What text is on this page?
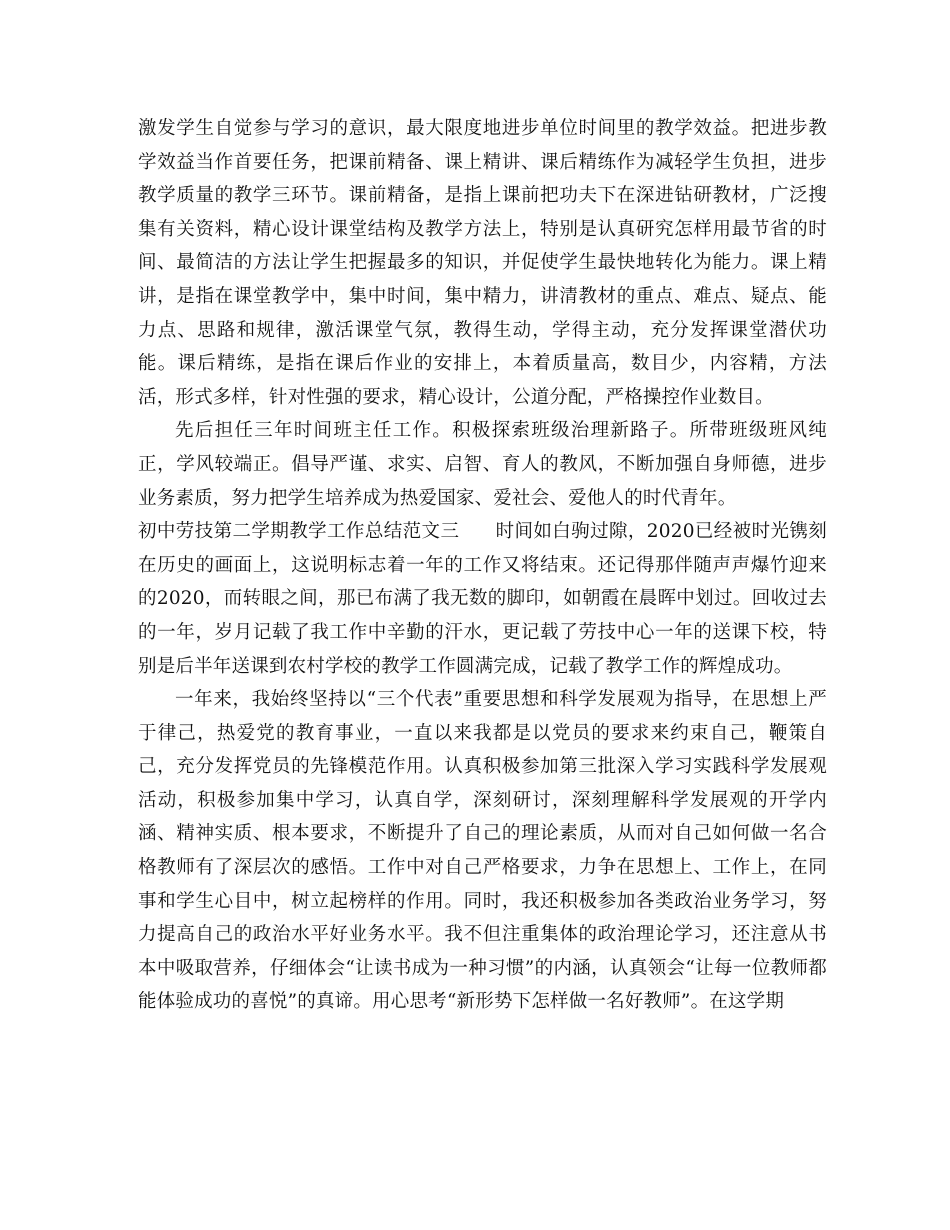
激发学生自觉参与学习的意识，最大限度地进步单位时间里的教学效益。把进步教学效益当作首要任务，把课前精备、课上精讲、课后精练作为减轻学生负担，进步教学质量的教学三环节。课前精备，是指上课前把功夫下在深进钻研教材，广泛搜集有关资料，精心设计课堂结构及教学方法上，特别是认真研究怎样用最节省的时间、最简洁的方法让学生把握最多的知识，并促使学生最快地转化为能力。课上精讲，是指在课堂教学中，集中时间，集中精力，讲清教材的重点、难点、疑点、能力点、思路和规律，激活课堂气氛，教得生动，学得主动，充分发挥课堂潜伏功能。课后精练，是指在课后作业的安排上，本着质量高，数目少，内容精，方法活，形式多样，针对性强的要求，精心设计，公道分配，严格操控作业数目。

先后担任三年时间班主任工作。积极探索班级治理新路子。所带班级班风纯正，学风较端正。倡导严谨、求实、启智、育人的教风，不断加强自身师德，进步业务素质，努力把学生培养成为热爱国家、爱社会、爱他人的时代青年。

初中劳技第二学期教学工作总结范文三 时间如白驹过隙，2020已经被时光镌刻在历史的画面上，这说明标志着一年的工作又将结束。还记得那伴随声声爆竹迎来的2020，而转眼之间，那已布满了我无数的脚印，如朝霞在晨晖中划过。回收过去的一年，岁月记载了我工作中辛勤的汗水，更记载了劳技中心一年的送课下校，特别是后半年送课到农村学校的教学工作圆满完成，记载了教学工作的辉煌成功。

一年来，我始终坚持以“三个代表”重要思想和科学发展观为指导，在思想上严于律己，热爱党的教育事业，一直以来我都是以党员的要求来约束自己，鞭策自己，充分发挥党员的先锋模范作用。认真积极参加第三批深入学习实践科学发展观活动，积极参加集中学习，认真自学，深刻研讨，深刻理解科学发展观的开学内涵、精神实质、根本要求，不断提升了自己的理论素质，从而对自己如何做一名合格教师有了深层次的感悟。工作中对自己严格要求，力争在思想上、工作上，在同事和学生心目中，树立起榜样的作用。同时，我还积极参加各类政治业务学习，努力提高自己的政治水平好业务水平。我不但注重集体的政治理论学习，还注意从书本中吸取营养，仔细体会“让读书成为一种习惯”的内涵，认真领会“让每一位教师都能体验成功的喜悦”的真谛。用心思考“新形势下怎样做一名好教师”。在这学期
